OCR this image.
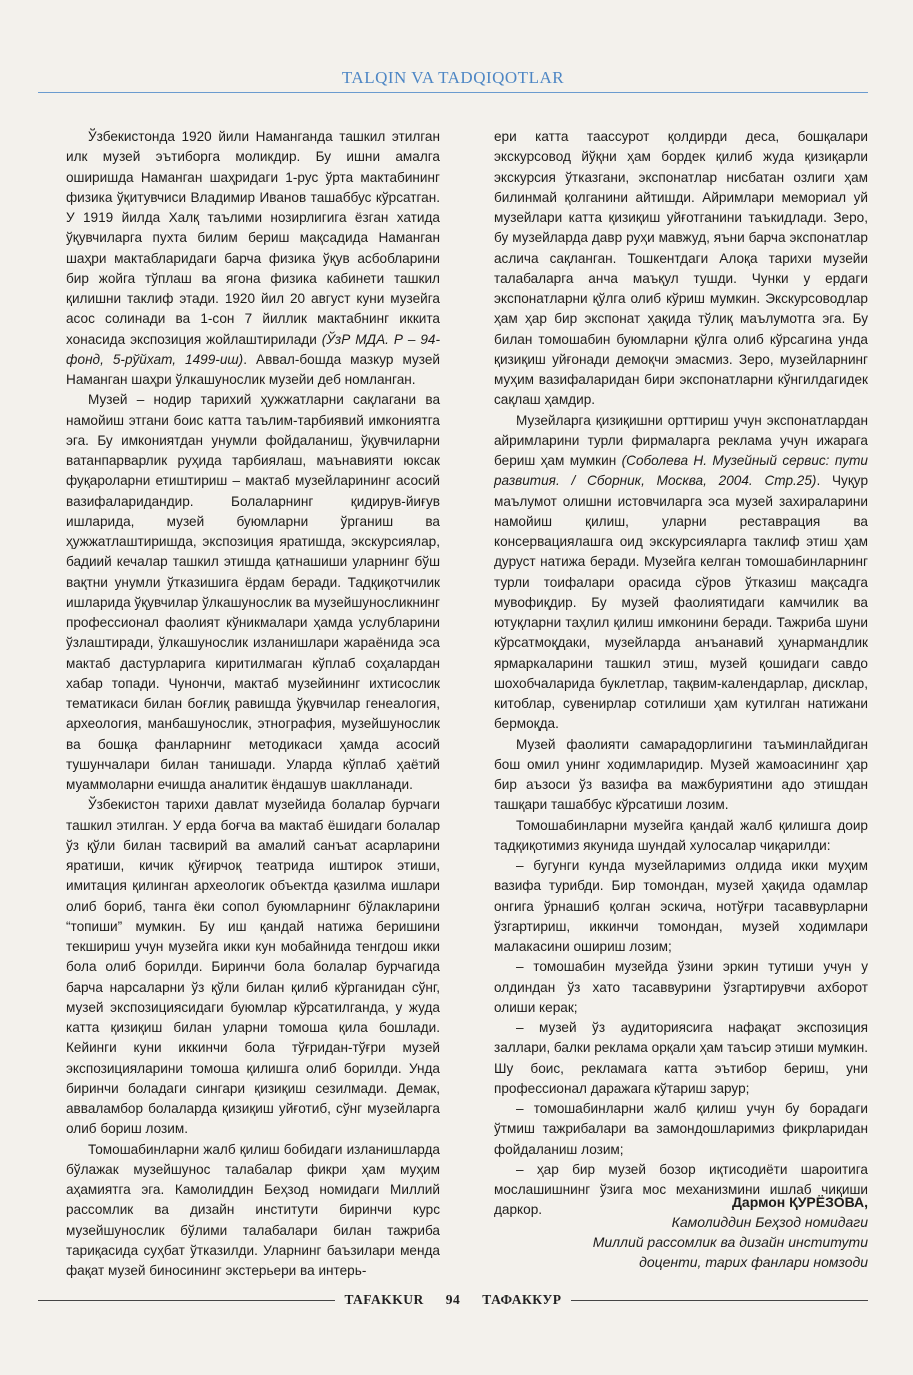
TALQIN VA TADQIQOTLAR

Ўзбекистонда 1920 йили Наманганда ташкил этилган илк музей эътиборга моликдир. Бу ишни амалга оширишда Наманган шаҳридаги 1-рус ўрта мактабининг физика ўқитувчиси Владимир Иванов ташаббус кўрсатган. У 1919 йилда Халқ таълими нозирлигига ёзган хатида ўқувчиларга пухта билим бериш мақсадида Наманган шаҳри мактабларидаги барча физика ўқув асбобларини бир жойга тўплаш ва ягона физика кабинети ташкил қилишни таклиф этади. 1920 йил 20 август куни музейга асос солинади ва 1-сон 7 йиллик мактабнинг иккита хонасида экспозиция жойлаштирилади (ЎзР МДА. Р – 94-фонд, 5-рўйхат, 1499-иш). Аввал-бошда мазкур музей Наманган шаҳри ўлкашунослик музейи деб номланган.

Музей – нодир тарихий ҳужжатларни сақлагани ва намойиш этгани боис катта таълим-тарбиявий имкониятга эга. Бу имкониятдан унумли фойдаланиш, ўқувчиларни ватанпарварлик руҳида тарбиялаш, маънавияти юксак фуқароларни етиштириш – мактаб музейларининг асосий вазифаларидандир. Болаларнинг қидирув-йиғув ишларида, музей буюмларни ўрганиш ва ҳужжатлаштиришда, экспозиция яратишда, экскурсиялар, бадиий кечалар ташкил этишда қатнашиши уларнинг бўш вақтни унумли ўтказишига ёрдам беради. Тадқиқотчилик ишларида ўқувчилар ўлкашунослик ва музейшуносликнинг профессионал фаолият кўникмалари ҳамда услубларини ўзлаштиради, ўлкашунослик изланишлари жараёнида эса мактаб дастурларига киритилмаган кўплаб соҳалардан хабар топади. Чунончи, мактаб музейининг ихтисослик тематикаси билан боғлиқ равишда ўқувчилар генеалогия, археология, манбашунослик, этнография, музейшунослик ва бошқа фанларнинг методикаси ҳамда асосий тушунчалари билан танишади. Уларда кўплаб ҳаётий муаммоларни ечишда аналитик ёндашув шаклланади.

Ўзбекистон тарихи давлат музейида болалар бурчаги ташкил этилган. У ерда боғча ва мактаб ёшидаги болалар ўз қўли билан тасвирий ва амалий санъат асарларини яратиши, кичик қўғирчоқ театрида иштирок этиши, имитация қилинган археологик объектда қазилма ишлари олиб бориб, танга ёки сопол буюмларнинг бўлакларини “топиши” мумкин. Бу иш қандай натижа беришини текшириш учун музейга икки кун мобайнида тенгдош икки бола олиб борилди. Биринчи бола болалар бурчагида барча нарсаларни ўз қўли билан қилиб кўрганидан сўнг, музей экспозициясидаги буюмлар кўрсатилганда, у жуда катта қизиқиш билан уларни томоша қила бошлади. Кейинги куни иккинчи бола тўғридан-тўғри музей экспозицияларини томоша қилишга олиб борилди. Унда биринчи боладаги сингари қизиқиш сезилмади. Демак, авваламбор болаларда қизиқиш уйғотиб, сўнг музейларга олиб бориш лозим.

Томошабинларни жалб қилиш бобидаги изланишларда бўлажак музейшунос талабалар фикри ҳам муҳим аҳамиятга эга. Камолиддин Беҳзод номидаги Миллий рассомлик ва дизайн институти биринчи курс музейшунослик бўлими талабалари билан тажриба тариқасида суҳбат ўтказилди. Уларнинг баъзилари менда фақат музей биносининг экстерьери ва интерь-

ери катта таассурот қолдирди деса, бошқалари экскурсовод йўқни ҳам бордек қилиб жуда қизиқарли экскурсия ўтказгани, экспонатлар нисбатан озлиги ҳам билинмай қолганини айтишди. Айримлари мемориал уй музейлари катта қизиқиш уйғотганини таъкидлади. Зеро, бу музейларда давр руҳи мавжуд, яъни барча экспонатлар аслича сақланган. Тошкентдаги Алоқа тарихи музейи талабаларга анча маъқул тушди. Чунки у ердаги экспонатларни қўлга олиб кўриш мумкин. Экскурсоводлар ҳам ҳар бир экспонат ҳақида тўлиқ маълумотга эга. Бу билан томошабин буюмларни қўлга олиб кўрсагина унда қизиқиш уйғонади демоқчи эмасмиз. Зеро, музейларнинг муҳим вазифаларидан бири экспонатларни кўнгилдагидек сақлаш ҳамдир.

Музейларга қизиқишни орттириш учун экспонатлардан айримларини турли фирмаларга реклама учун ижарага бериш ҳам мумкин (Соболева Н. Музейный сервис: пути развития. / Сборник, Москва, 2004. Стр.25). Чуқур маълумот олишни истовчиларга эса музей захираларини намойиш қилиш, уларни реставрация ва консервациялашга оид экскурсияларга таклиф этиш ҳам дуруст натижа беради. Музейга келган томошабинларнинг турли тоифалари орасида сўров ўтказиш мақсадга мувофиқдир. Бу музей фаолиятидаги камчилик ва ютуқларни таҳлил қилиш имконини беради. Тажриба шуни кўрсатмоқдаки, музейларда анъанавий ҳунармандлик ярмаркаларини ташкил этиш, музей қошидаги савдо шохобчаларида буклетлар, тақвим-календарлар, дисклар, китоблар, сувенирлар сотилиши ҳам кутилган натижани бермоқда.

Музей фаолияти самарадорлигини таъминлайдиган бош омил унинг ходимларидир. Музей жамоасининг ҳар бир аъзоси ўз вазифа ва мажбуриятини адо этишдан ташқари ташаббус кўрсатиши лозим.

Томошабинларни музейга қандай жалб қилишга доир тадқиқотимиз якунида шундай хулосалар чиқарилди:

– бугунги кунда музейларимиз олдида икки муҳим вазифа турибди. Бир томондан, музей ҳақида одамлар онгига ўрнашиб қолган эскича, нотўғри тасаввурларни ўзгартириш, иккинчи томондан, музей ходимлари малакасини ошириш лозим;

– томошабин музейда ўзини эркин тутиши учун у олдиндан ўз хато тасаввурини ўзгартирувчи ахборот олиши керак;

– музей ўз аудиториясига нафақат экспозиция заллари, балки реклама орқали ҳам таъсир этиши мумкин. Шу боис, рекламага катта эътибор бериш, уни профессионал даражага кўтариш зарур;

– томошабинларни жалб қилиш учун бу борадаги ўтмиш тажрибалари ва замондошларимиз фикрларидан фойдаланиш лозим;

– ҳар бир музей бозор иқтисодиёти шароитига мослашишнинг ўзига мос механизмини ишлаб чиқиши даркор.	Дармон ҚУРЁЗОВА,
Камолиддин Беҳзод номидаги
Миллий рассомлик ва дизайн институти
доценти, тарих фанлари номзоди
TAFAKKUR	94	ТАФАККУР
